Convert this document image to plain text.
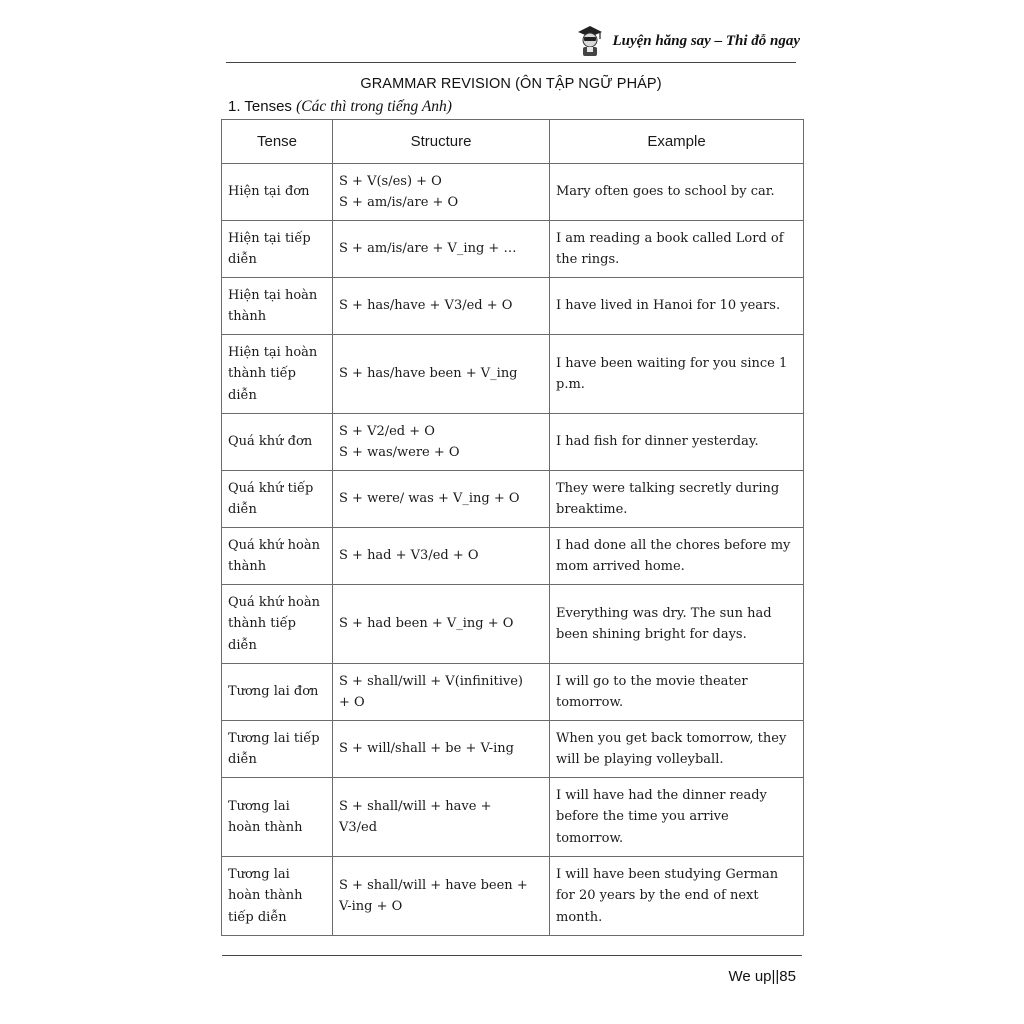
Luyện hăng say – Thi đỗ ngay
GRAMMAR REVISION (ÔN TẬP NGỮ PHÁP)
1. Tenses (Các thì trong tiếng Anh)
Tense	Structure	Example

Hiện tại đơn	S + V(s/es) + O
S + am/is/are + O	Mary often goes to school by car.

Hiện tại tiếp
diễn	S + am/is/are + V_ing + …	I am reading a book called Lord of
the rings.

Hiện tại hoàn
thành	S + has/have + V3/ed + O	I have lived in Hanoi for 10 years.

Hiện tại hoàn
thành tiếp
diễn	S + has/have been + V_ing	I have been waiting for you since 1
p.m.

Quá khứ đơn	S + V2/ed + O
S + was/were + O	I had fish for dinner yesterday.

Quá khứ tiếp
diễn	S + were/ was + V_ing + O	They were talking secretly during
breaktime.

Quá khứ hoàn
thành	S + had + V3/ed + O	I had done all the chores before my
mom arrived home.

Quá khứ hoàn
thành tiếp
diễn	S + had been + V_ing + O	Everything was dry. The sun had
been shining bright for days.

Tương lai đơn	S + shall/will + V(infinitive)
+ O	I will go to the movie theater
tomorrow.

Tương lai tiếp
diễn	S + will/shall + be + V-ing	When you get back tomorrow, they
will be playing volleyball.

Tương lai
hoàn thành	S + shall/will + have +
V3/ed	I will have had the dinner ready
before the time you arrive
tomorrow.

Tương lai
hoàn thành
tiếp diễn	S + shall/will + have been +
V-ing + O	I will have been studying German
for 20 years by the end of next
month.
We up||85
